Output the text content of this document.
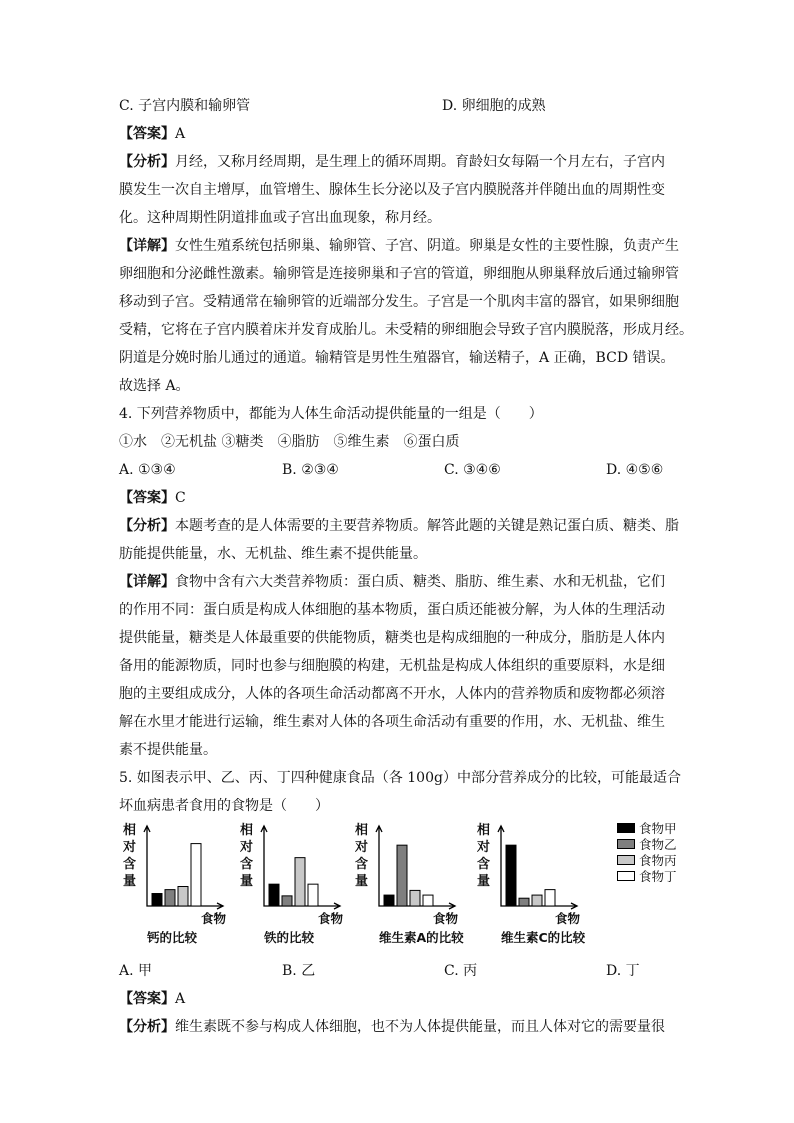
C. 子宫内膜和输卵管	D. 卵细胞的成熟
【答案】A
【分析】月经，又称月经周期，是生理上的循环周期。育龄妇女每隔一个月左右，子宫内
膜发生一次自主增厚，血管增生、腺体生长分泌以及子宫内膜脱落并伴随出血的周期性变
化。这种周期性阴道排血或子宫出血现象，称月经。
【详解】女性生殖系统包括卵巢、输卵管、子宫、阴道。卵巢是女性的主要性腺，负责产生
卵细胞和分泌雌性激素。输卵管是连接卵巢和子宫的管道，卵细胞从卵巢释放后通过输卵管
移动到子宫。受精通常在输卵管的近端部分发生。子宫是一个肌肉丰富的器官，如果卵细胞
受精，它将在子宫内膜着床并发育成胎儿。未受精的卵细胞会导致子宫内膜脱落，形成月经。
阴道是分娩时胎儿通过的通道。输精管是男性生殖器官，输送精子，A 正确，BCD 错误。
故选择 A。
4. 下列营养物质中，都能为人体生命活动提供能量的一组是（　　）
①水　②无机盐 ③糖类　④脂肪　⑤维生素　⑥蛋白质
A. ①③④	B. ②③④	C. ③④⑥	D. ④⑤⑥
【答案】C
【分析】本题考查的是人体需要的主要营养物质。解答此题的关键是熟记蛋白质、糖类、脂
肪能提供能量，水、无机盐、维生素不提供能量。
【详解】食物中含有六大类营养物质：蛋白质、糖类、脂肪、维生素、水和无机盐，它们
的作用不同：蛋白质是构成人体细胞的基本物质，蛋白质还能被分解，为人体的生理活动
提供能量，糖类是人体最重要的供能物质，糖类也是构成细胞的一种成分，脂肪是人体内
备用的能源物质，同时也参与细胞膜的构建，无机盐是构成人体组织的重要原料，水是细
胞的主要组成成分，人体的各项生命活动都离不开水，人体内的营养物质和废物都必须溶
解在水里才能进行运输，维生素对人体的各项生命活动有重要的作用，水、无机盐、维生
素不提供能量。
5. 如图表示甲、乙、丙、丁四种健康食品（各 100g）中部分营养成分的比较，可能最适合
坏血病患者食用的食物是（　　）
相对含量
食物
钙的比较
相对含量
食物
铁的比较
相对含量
食物
维生素A的比较
相对含量
食物
维生素C的比较
食物甲
食物乙
食物丙
食物丁
A. 甲	B. 乙	C. 丙	D. 丁
【答案】A
【分析】维生素既不参与构成人体细胞，也不为人体提供能量，而且人体对它的需要量很
